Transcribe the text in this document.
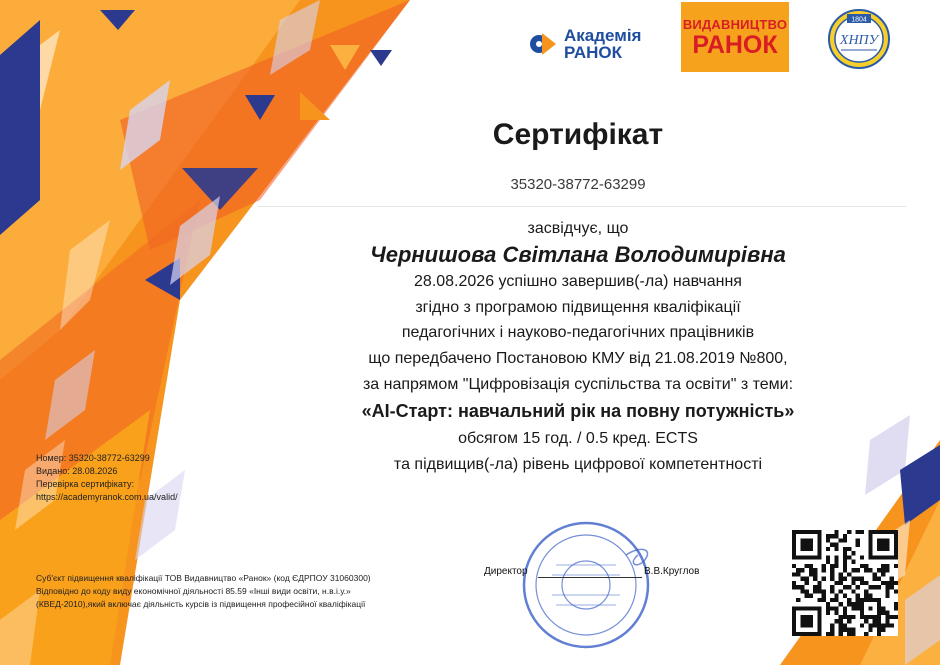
Академія
РАНОК
ВИДАВНИЦТВО
РАНОК
1804
ХНПУ
Сертифікат
35320-38772-63299
засвідчує, що
Чернишова Світлана Володимирівна
28.08.2026 успішно завершив(-ла) навчання
згідно з програмою підвищення кваліфікації
педагогічних і науково-педагогічних працівників
що передбачено Постановою КМУ від 21.08.2019 №800,
за напрямом "Цифровізація суспільства та освіти" з теми:
«AI-Старт: навчальний рік на повну потужність»
обсягом 15 год. / 0.5 кред. ECTS
та підвищив(-ла) рівень цифрової компетентності
Номер: 35320-38772-63299
Видано: 28.08.2026
Перевірка сертифікату:
https://academyranok.com.ua/valid/
Суб'єкт підвищення кваліфікації ТОВ Видавництво «Ранок» (код ЄДРПОУ 31060300)
Відповідно до коду виду економічної діяльності 85.59 «Інші види освіти, н.в.і.у.»
(КВЕД-2010),який включає діяльність курсів із підвищення професійної кваліфікації
Директор	В.В.Круглов
